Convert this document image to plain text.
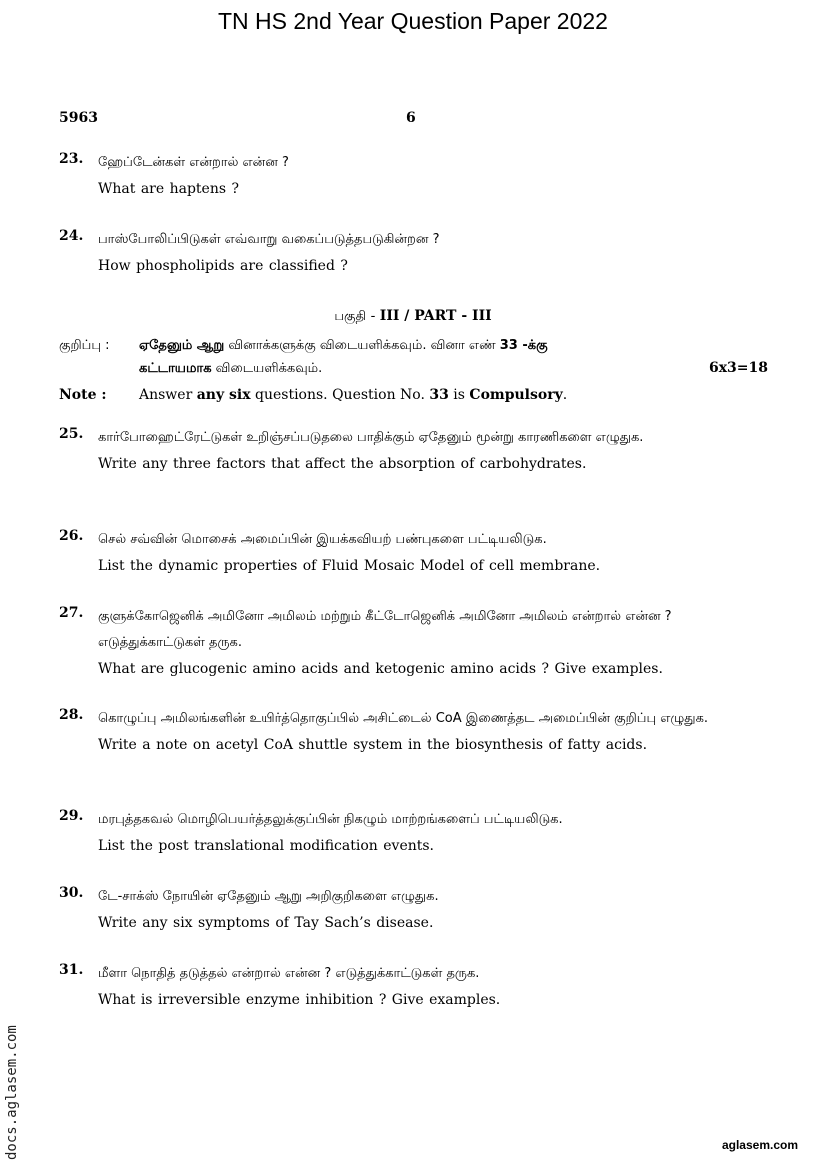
TN HS 2nd Year Question Paper 2022
5963	6
23. ஹேப்டேன்கள் என்றால் என்ன ?
What are haptens ?
24. பாஸ்போலிப்பிடுகள் எவ்வாறு வகைப்படுத்தபடுகின்றன ?
How phospholipids are classified ?
பகுதி - III / PART - III
குறிப்பு : ஏதேனும் ஆறு வினாக்களுக்கு விடையளிக்கவும். வினா எண் 33 -க்கு
கட்டாயமாக விடையளிக்கவும்.	6x3=18
Note : Answer any six questions. Question No. 33 is Compulsory.
25. கார்போஹைட்ரேட்டுகள் உறிஞ்சப்படுதலை பாதிக்கும் ஏதேனும் மூன்று காரணிகளை எழுதுக.
Write any three factors that affect the absorption of carbohydrates.
26. செல் சவ்வின் மொசைக் அமைப்பின் இயக்கவியற் பண்புகளை பட்டியலிடுக.
List the dynamic properties of Fluid Mosaic Model of cell membrane.
27. குளுக்கோஜெனிக் அமினோ அமிலம் மற்றும் கீட்டோஜெனிக் அமினோ அமிலம் என்றால் என்ன ? எடுத்துக்காட்டுகள் தருக.
What are glucogenic amino acids and ketogenic amino acids ? Give examples.
28. கொழுப்பு அமிலங்களின் உயிர்த்தொகுப்பில் அசிட்டைல் CoA இணைத்தட அமைப்பின் குறிப்பு எழுதுக.
Write a note on acetyl CoA shuttle system in the biosynthesis of fatty acids.
29. மரபுத்தகவல் மொழிபெயர்த்தலுக்குப்பின் நிகழும் மாற்றங்களைப் பட்டியலிடுக.
List the post translational modification events.
30. டே-சாக்ஸ் நோயின் ஏதேனும் ஆறு அறிகுறிகளை எழுதுக.
Write any six symptoms of Tay Sach’s disease.
31. மீளா நொதித் தடுத்தல் என்றால் என்ன ? எடுத்துக்காட்டுகள் தருக.
What is irreversible enzyme inhibition ? Give examples.
docs.aglasem.com	aglasem.com
